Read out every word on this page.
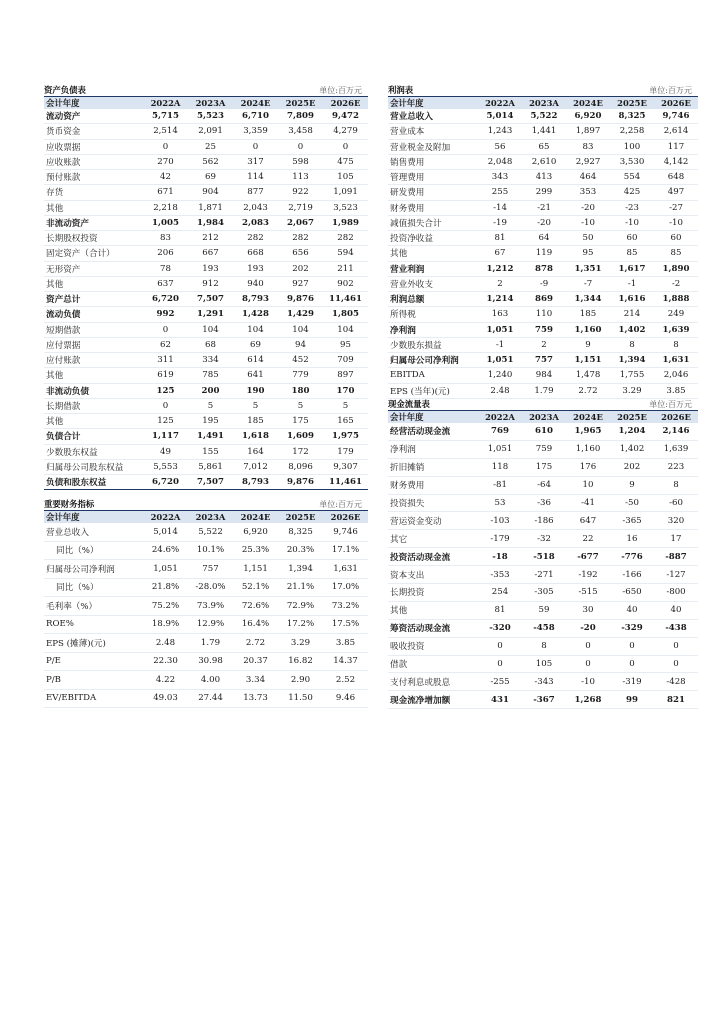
资产负债表	单位:百万元
会计年度	2022A	2023A	2024E	2025E	2026E
流动资产	5,715	5,523	6,710	7,809	9,472
货币资金	2,514	2,091	3,359	3,458	4,279
应收票据	0	25	0	0	0
应收账款	270	562	317	598	475
预付账款	42	69	114	113	105
存货	671	904	877	922	1,091
其他	2,218	1,871	2,043	2,719	3,523
非流动资产	1,005	1,984	2,083	2,067	1,989
长期股权投资	83	212	282	282	282
固定资产（合计）	206	667	668	656	594
无形资产	78	193	193	202	211
其他	637	912	940	927	902
资产总计	6,720	7,507	8,793	9,876	11,461
流动负债	992	1,291	1,428	1,429	1,805
短期借款	0	104	104	104	104
应付票据	62	68	69	94	95
应付账款	311	334	614	452	709
其他	619	785	641	779	897
非流动负债	125	200	190	180	170
长期借款	0	5	5	5	5
其他	125	195	185	175	165
负债合计	1,117	1,491	1,618	1,609	1,975
少数股东权益	49	155	164	172	179
归属母公司股东权益	5,553	5,861	7,012	8,096	9,307
负债和股东权益	6,720	7,507	8,793	9,876	11,461
重要财务指标	单位:百万元
会计年度	2022A	2023A	2024E	2025E	2026E
营业总收入	5,014	5,522	6,920	8,325	9,746
同比（%）	24.6%	10.1%	25.3%	20.3%	17.1%
归属母公司净利润	1,051	757	1,151	1,394	1,631
同比（%）	21.8%	-28.0%	52.1%	21.1%	17.0%
毛利率（%）	75.2%	73.9%	72.6%	72.9%	73.2%
ROE%	18.9%	12.9%	16.4%	17.2%	17.5%
EPS (摊薄)(元)	2.48	1.79	2.72	3.29	3.85
P/E	22.30	30.98	20.37	16.82	14.37
P/B	4.22	4.00	3.34	2.90	2.52
EV/EBITDA	49.03	27.44	13.73	11.50	9.46
利润表	单位:百万元
会计年度	2022A	2023A	2024E	2025E	2026E
营业总收入	5,014	5,522	6,920	8,325	9,746
营业成本	1,243	1,441	1,897	2,258	2,614
营业税金及附加	56	65	83	100	117
销售费用	2,048	2,610	2,927	3,530	4,142
管理费用	343	413	464	554	648
研发费用	255	299	353	425	497
财务费用	-14	-21	-20	-23	-27
减值损失合计	-19	-20	-10	-10	-10
投资净收益	81	64	50	60	60
其他	67	119	95	85	85
营业利润	1,212	878	1,351	1,617	1,890
营业外收支	2	-9	-7	-1	-2
利润总额	1,214	869	1,344	1,616	1,888
所得税	163	110	185	214	249
净利润	1,051	759	1,160	1,402	1,639
少数股东损益	-1	2	9	8	8
归属母公司净利润	1,051	757	1,151	1,394	1,631
EBITDA	1,240	984	1,478	1,755	2,046
EPS (当年)(元)	2.48	1.79	2.72	3.29	3.85
现金流量表	单位:百万元
会计年度	2022A	2023A	2024E	2025E	2026E
经营活动现金流	769	610	1,965	1,204	2,146
净利润	1,051	759	1,160	1,402	1,639
折旧摊销	118	175	176	202	223
财务费用	-81	-64	10	9	8
投资损失	53	-36	-41	-50	-60
营运资金变动	-103	-186	647	-365	320
其它	-179	-32	22	16	17
投资活动现金流	-18	-518	-677	-776	-887
资本支出	-353	-271	-192	-166	-127
长期投资	254	-305	-515	-650	-800
其他	81	59	30	40	40
筹资活动现金流	-320	-458	-20	-329	-438
吸收投资	0	8	0	0	0
借款	0	105	0	0	0
支付利息或股息	-255	-343	-10	-319	-428
现金流净增加额	431	-367	1,268	99	821
